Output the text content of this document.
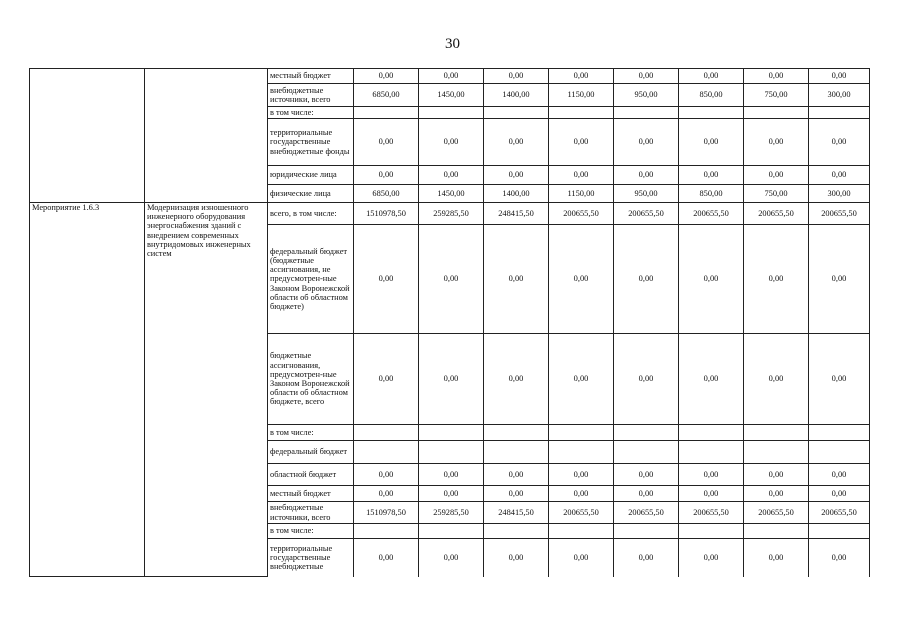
30
		местный бюджет	0,00	0,00	0,00	0,00	0,00	0,00	0,00	0,00
		внебюджетные источники, всего	6850,00	1450,00	1400,00	1150,00	950,00	850,00	750,00	300,00
		в том числе:								
		территориальные государственные внебюджетные фонды	0,00	0,00	0,00	0,00	0,00	0,00	0,00	0,00
		юридические лица	0,00	0,00	0,00	0,00	0,00	0,00	0,00	0,00
		физические лица	6850,00	1450,00	1400,00	1150,00	950,00	850,00	750,00	300,00
Мероприятие 1.6.3	Модернизация изношенного инженерного оборудования энергоснабжения зданий с внедрением современных внутридомовых инженерных систем	всего, в том числе:	1510978,50	259285,50	248415,50	200655,50	200655,50	200655,50	200655,50	200655,50
		федеральный бюджет (бюджетные ассигнования, не предусмотрен-ные Законом Воронежской области об областном бюджете)	0,00	0,00	0,00	0,00	0,00	0,00	0,00	0,00
		бюджетные ассигнования, предусмотрен-ные Законом Воронежской области об областном бюджете, всего	0,00	0,00	0,00	0,00	0,00	0,00	0,00	0,00
		в том числе:								
		федеральный бюджет								
		областной бюджет	0,00	0,00	0,00	0,00	0,00	0,00	0,00	0,00
		местный бюджет	0,00	0,00	0,00	0,00	0,00	0,00	0,00	0,00
		внебюджетные источники, всего	1510978,50	259285,50	248415,50	200655,50	200655,50	200655,50	200655,50	200655,50
		в том числе:								
		территориальные государственные внебюджетные	0,00	0,00	0,00	0,00	0,00	0,00	0,00	0,00
